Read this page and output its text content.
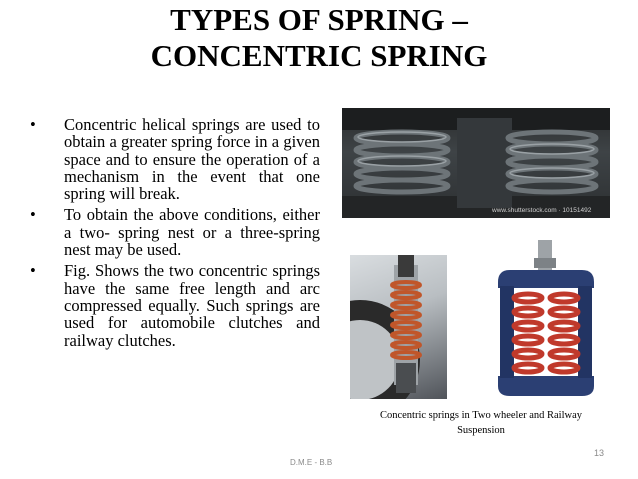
TYPES OF SPRING –
CONCENTRIC SPRING
• Concentric helical springs are used to obtain a greater spring force in a given space and to ensure the operation of a mechanism in the event that one spring will break.
• To obtain the above conditions, either a two- spring nest or a three-spring nest may be used.
• Fig. Shows the two concentric springs have the same free length and arc compressed equally. Such springs are used for automobile clutches and railway clutches.
www.shutterstock.com · 10151492
Concentric springs in Two wheeler and Railway
Suspension
D.M.E - B.B
13
